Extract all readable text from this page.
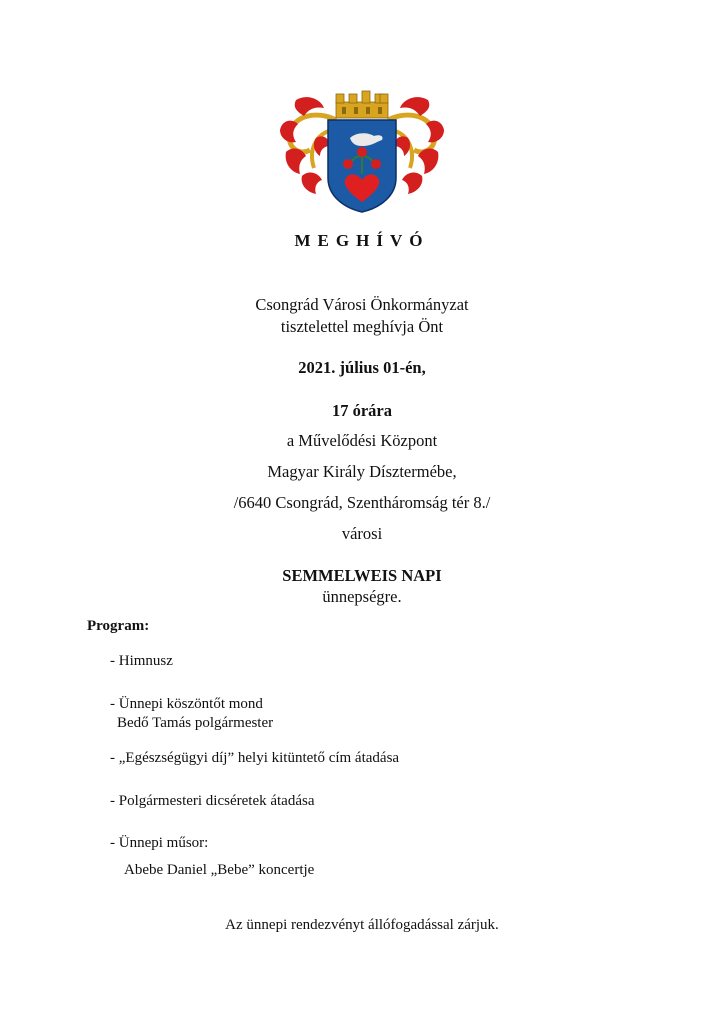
MEGHÍVÓ
Csongrád Városi Önkormányzat
tisztelettel meghívja Önt
2021. július 01-én,
17 órára
a Művelődési Központ
Magyar Király Dísztermébe,
/6640 Csongrád, Szentháromság tér 8./
városi
SEMMELWEIS NAPI
ünnepségre.
Program:
- Himnusz
- Ünnepi köszöntőt mond
Bedő Tamás polgármester
- „Egészségügyi díj” helyi kitüntető cím átadása
- Polgármesteri dicséretek átadása
- Ünnepi műsor:
Abebe Daniel „Bebe” koncertje
Az ünnepi rendezvényt állófogadással zárjuk.
